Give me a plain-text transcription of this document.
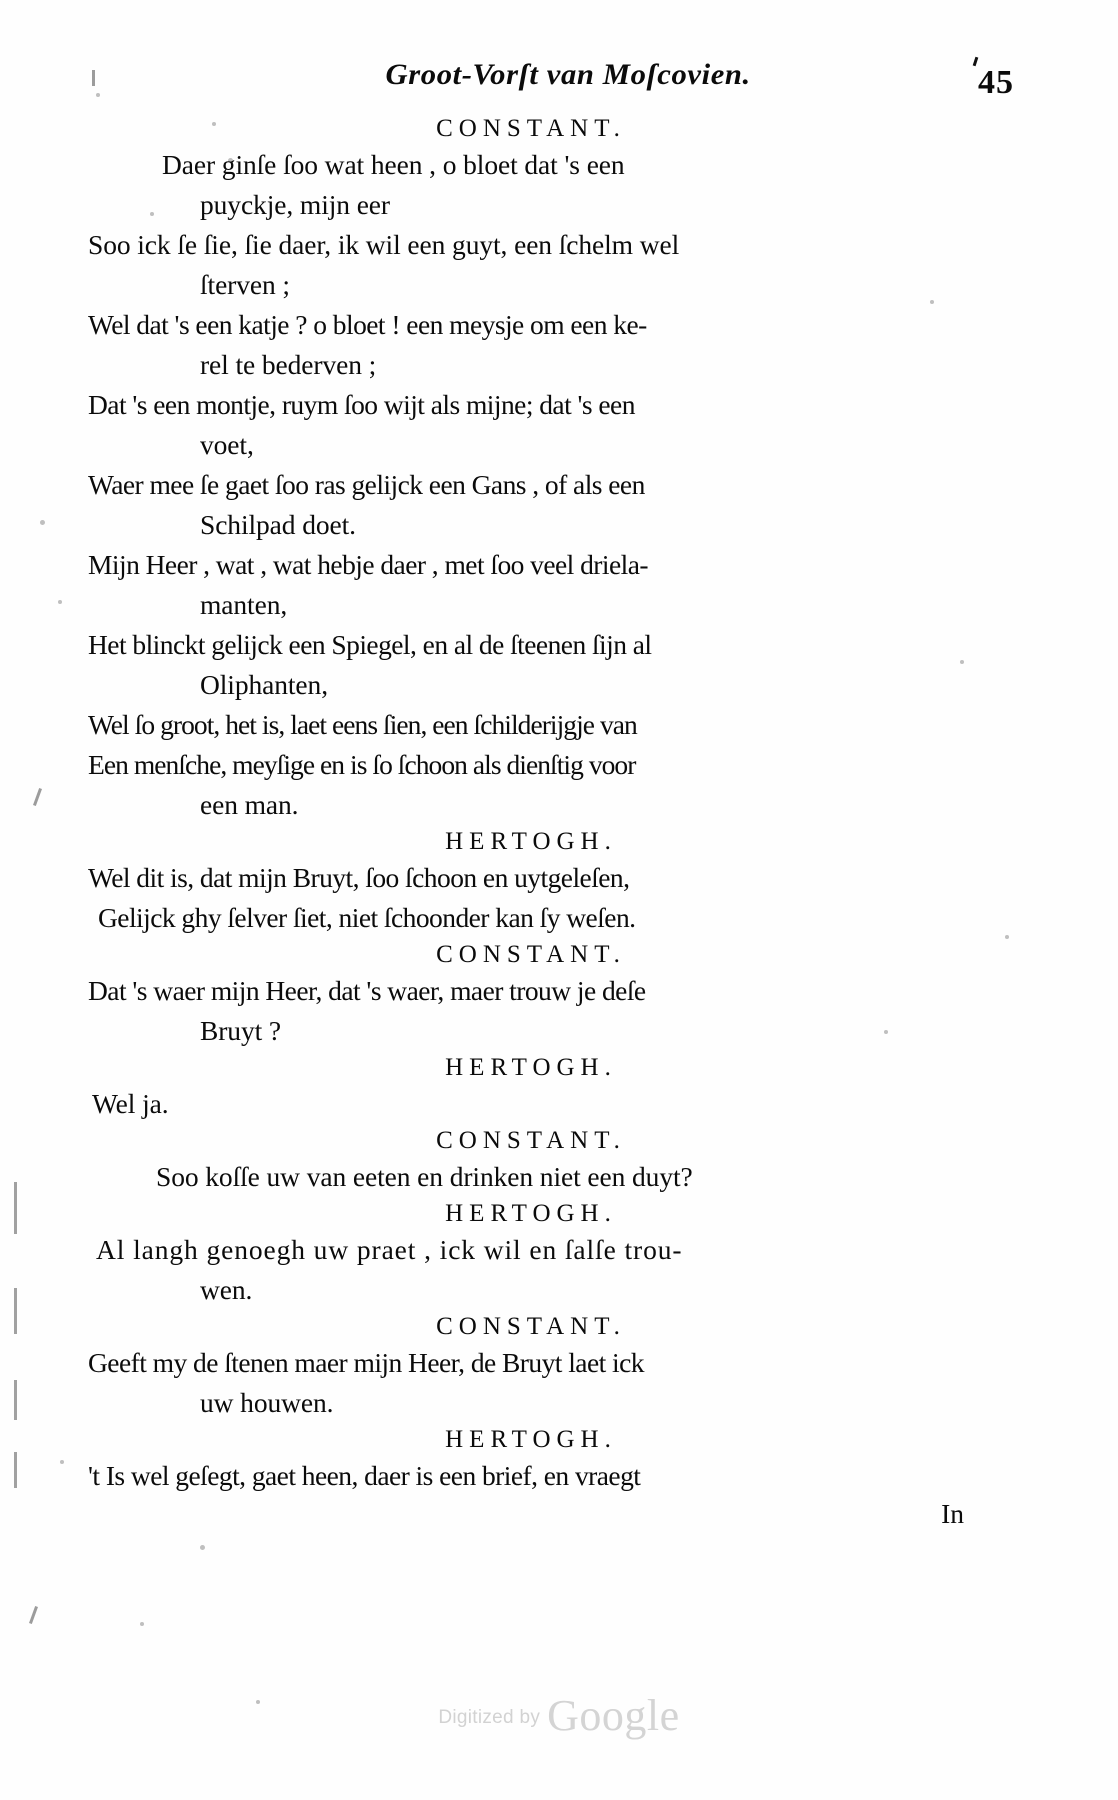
Groot-Vorſt van Moſcovien.	45
CONSTANT.

Daer ginſe ſoo wat heen , o bloet dat 's een

puyckje, mijn eer

Soo ick ſe ſie, ſie daer, ik wil een guyt, een ſchelm wel

ſterven ;

Wel dat 's een katje ? o bloet ! een meysje om een ke-

rel te bederven ;

Dat 's een montje, ruym ſoo wijt als mijne; dat 's een

voet,

Waer mee ſe gaet ſoo ras gelijck een Gans , of als een

Schilpad doet.

Mijn Heer , wat , wat hebje daer , met ſoo veel driela-

manten,

Het blinckt gelijck een Spiegel, en al de ſteenen ſijn al

Oliphanten,

Wel ſo groot, het is, laet eens ſien, een ſchilderijgje van

Een menſche, meyſige en is ſo ſchoon als dienſtig voor

een man.

HERTOGH.

Wel dit is, dat mijn Bruyt, ſoo ſchoon en uytgeleſen,

Gelijck ghy ſelver ſiet, niet ſchoonder kan ſy weſen.

CONSTANT.

Dat 's waer mijn Heer, dat 's waer, maer trouw je deſe

Bruyt ?

HERTOGH.

Wel ja.

CONSTANT.

Soo koſſe uw van eeten en drinken niet een duyt?

HERTOGH.

Al langh genoegh uw praet , ick wil en ſalſe trou-

wen.

CONSTANT.

Geeft my de ſtenen maer mijn Heer, de Bruyt laet ick

uw houwen.

HERTOGH.

't Is wel geſegt, gaet heen, daer is een brief, en vraegt

In
Digitized by Google
